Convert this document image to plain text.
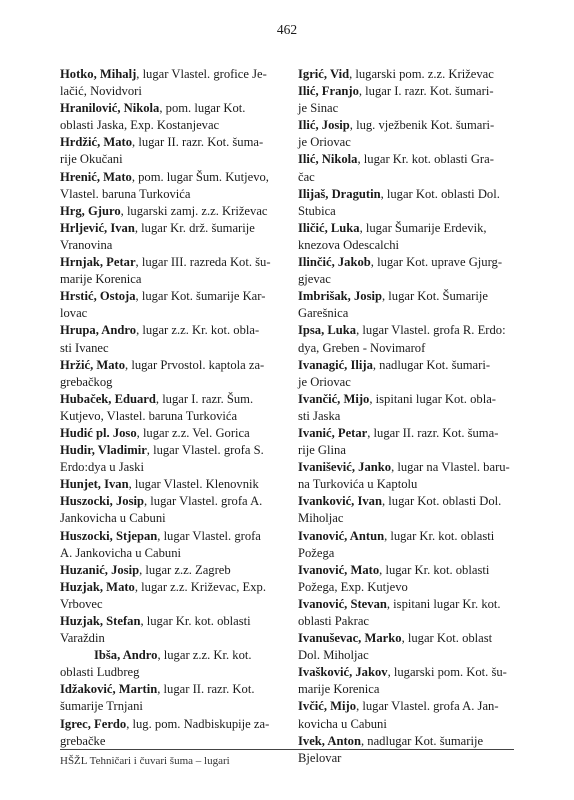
462

Hotko, Mihalj, lugar Vlastel. grofice Je-
lačić, Novidvori

Hranilović, Nikola, pom. lugar Kot.
oblasti Jaska, Exp. Kostanjevac

Hrdžić, Mato, lugar II. razr. Kot. šuma-
rije Okučani

Hrenić, Mato, pom. lugar Šum. Kutjevo,
Vlastel. baruna Turkovića

Hrg, Gjuro, lugarski zamj. z.z. Križevac

Hrljević, Ivan, lugar Kr. drž. šumarije
Vranovina

Hrnjak, Petar, lugar III. razreda Kot. šu-
marije Korenica

Hrstić, Ostoja, lugar Kot. šumarije Kar-
lovac

Hrupa, Andro, lugar z.z. Kr. kot. obla-
sti Ivanec

Hržić, Mato, lugar Prvostol. kaptola za-
grebačkog

Hubaček, Eduard, lugar I. razr. Šum.
Kutjevo, Vlastel. baruna Turkovića

Hudić pl. Joso, lugar z.z. Vel. Gorica

Hudir, Vladimir, lugar Vlastel. grofa S.
Erdo:dya u Jaski

Hunjet, Ivan, lugar Vlastel. Klenovnik

Huszocki, Josip, lugar Vlastel. grofa A.
Jankovicha u Cabuni

Huszocki, Stjepan, lugar Vlastel. grofa
A. Jankovicha u Cabuni

Huzanić, Josip, lugar z.z. Zagreb

Huzjak, Mato, lugar z.z. Križevac, Exp.
Vrbovec

Huzjak, Stefan, lugar Kr. kot. oblasti
Varaždin

Ibša, Andro, lugar z.z. Kr. kot.
oblasti Ludbreg

Idžaković, Martin, lugar II. razr. Kot.
šumarije Trnjani

Igrec, Ferdo, lug. pom. Nadbiskupije za-
grebačke

Igrić, Vid, lugarski pom. z.z. Križevac

Ilić, Franjo, lugar I. razr. Kot. šumari-
je Sinac

Ilić, Josip, lug. vježbenik Kot. šumari-
je Oriovac

Ilić, Nikola, lugar Kr. kot. oblasti Gra-
čac

Ilijaš, Dragutin, lugar Kot. oblasti Dol.
Stubica

Iličić, Luka, lugar Šumarije Erdevik,
knezova Odescalchi

Ilinčić, Jakob, lugar Kot. uprave Gjurg-
gjevac

Imbrišak, Josip, lugar Kot. Šumarije
Garešnica

Ipsa, Luka, lugar Vlastel. grofa R. Erdo:
dya, Greben - Novimarof

Ivanagić, Ilija, nadlugar Kot. šumari-
je Oriovac

Ivančić, Mijo, ispitani lugar Kot. obla-
sti Jaska

Ivanić, Petar, lugar II. razr. Kot. šuma-
rije Glina

Ivanišević, Janko, lugar na Vlastel. baru-
na Turkovića u Kaptolu

Ivanković, Ivan, lugar Kot. oblasti Dol.
Miholjac

Ivanović, Antun, lugar Kr. kot. oblasti
Požega

Ivanović, Mato, lugar Kr. kot. oblasti
Požega, Exp. Kutjevo

Ivanović, Stevan, ispitani lugar Kr. kot.
oblasti Pakrac

Ivanuševac, Marko, lugar Kot. oblast
Dol. Miholjac

Ivašković, Jakov, lugarski pom. Kot. šu-
marije Korenica

Ivčić, Mijo, lugar Vlastel. grofa A. Jan-
kovicha u Cabuni

Ivek, Anton, nadlugar Kot. šumarije
Bjelovar

HŠŽL Tehničari i čuvari šuma – lugari
